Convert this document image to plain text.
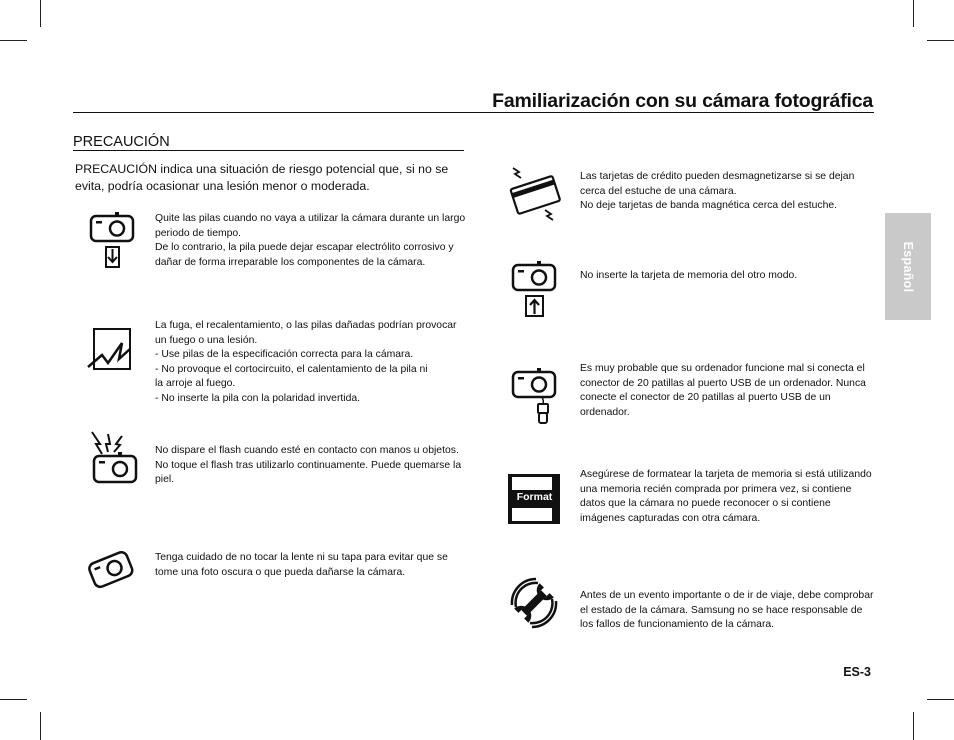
Familiarización con su cámara fotográfica
PRECAUCIÓN
PRECAUCIÓN indica una situación de riesgo potencial que, si no se evita, podría ocasionar una lesión menor o moderada.
Quite las pilas cuando no vaya a utilizar la cámara durante un largo periodo de tiempo.
De lo contrario, la pila puede dejar escapar electrólito corrosivo y dañar de forma irreparable los componentes de la cámara.
La fuga, el recalentamiento, o las pilas dañadas podrían provocar un fuego o una lesión.
- Use pilas de la especificación correcta para la cámara.
- No provoque el cortocircuito, el calentamiento de la pila ni
la arroje al fuego.
- No inserte la pila con la polaridad invertida.
No dispare el flash cuando esté en contacto con manos u objetos. No toque el flash tras utilizarlo continuamente. Puede quemarse la piel.
Tenga cuidado de no tocar la lente ni su tapa para evitar que se tome una foto oscura o que pueda dañarse la cámara.
Las tarjetas de crédito pueden desmagnetizarse si se dejan cerca del estuche de una cámara.
No deje tarjetas de banda magnética cerca del estuche.
No inserte la tarjeta de memoria del otro modo.
Es muy probable que su ordenador funcione mal si conecta el conector de 20 patillas al puerto USB de un ordenador. Nunca conecte el conector de 20 patillas al puerto USB de un ordenador.
Format
Asegúrese de formatear la tarjeta de memoria si está utilizando una memoria recién comprada por primera vez, si contiene datos que la cámara no puede reconocer o si contiene imágenes capturadas con otra cámara.
Antes de un evento importante o de ir de viaje, debe comprobar el estado de la cámara. Samsung no se hace responsable de los fallos de funcionamiento de la cámara.
Español
ES-3
